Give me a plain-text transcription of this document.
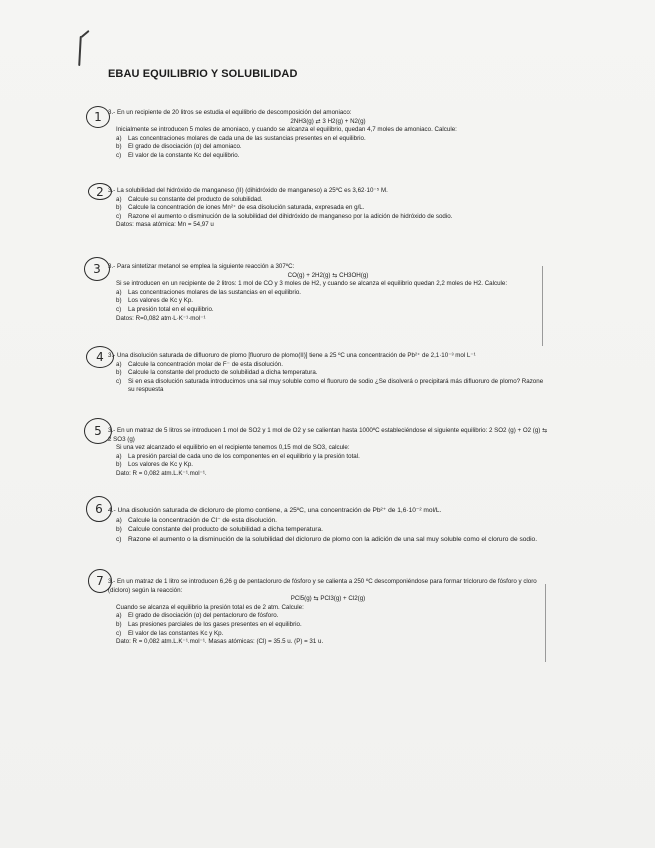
EBAU EQUILIBRIO Y SOLUBILIDAD
1 3.- En un recipiente de 20 litros se estudia el equilibrio de descomposición del amoniaco:
2NH3(g) ⇄ 3 H2(g) + N2(g)
Inicialmente se introducen 5 moles de amoniaco, y cuando se alcanza el equilibrio, quedan 4,7 moles de amoniaco. Calcule:
a)	Las concentraciones molares de cada una de las sustancias presentes en el equilibrio.
b)	El grado de disociación (α) del amoniaco.
c)	El valor de la constante Kc del equilibrio.
2 3.- La solubilidad del hidróxido de manganeso (II) (dihidróxido de manganeso) a 25ºC es 3,62·10⁻⁵ M.
a)	Calcule su constante del producto de solubilidad.
b)	Calcule la concentración de iones Mn²⁺ de esa disolución saturada, expresada en g/L.
c)	Razone el aumento o disminución de la solubilidad del dihidróxido de manganeso por la adición de hidróxido de sodio.
Datos: masa atómica: Mn = 54,97 u
3	3.- Para sintetizar metanol se emplea la siguiente reacción a 307ºC:
CO(g) + 2H2(g) ⇆ CH3OH(g)
Si se introducen en un recipiente de 2 litros: 1 mol de CO y 3 moles de H2, y cuando se alcanza el equilibrio quedan 2,2 moles de H2. Calcule:
a)	Las concentraciones molares de las sustancias en el equilibrio.
b)	Los valores de Kc y Kp.
c)	La presión total en el equilibrio.
Datos: R=0,082 atm·L·K⁻¹·mol⁻¹
4 3.- Una disolución saturada de difluoruro de plomo [fluoruro de plomo(II)] tiene a 25 ºC una concentración de Pb²⁺ de 2,1·10⁻³ mol L⁻¹
a)	Calcule la concentración molar de F⁻ de esta disolución.
b)	Calcule la constante del producto de solubilidad a dicha temperatura.
c)	Si en esa disolución saturada introducimos una sal muy soluble como el fluoruro de sodio ¿Se disolverá o precipitará más difluoruro de plomo? Razone su respuesta
5 3.- En un matraz de 5 litros se introducen 1 mol de SO2 y 1 mol de O2 y se calientan hasta 1000ºC estableciéndose el siguiente equilibrio: 2 SO2 (g) + O2 (g) ⇆ 2 SO3 (g)
Si una vez alcanzado el equilibrio en el recipiente tenemos 0,15 mol de SO3, calcule:
a)	La presión parcial de cada uno de los componentes en el equilibrio y la presión total.
b)	Los valores de Kc y Kp.
Dato: R = 0,082 atm.L.K⁻¹.mol⁻¹.
6 4.- Una disolución saturada de dicloruro de plomo contiene, a 25ºC, una concentración de Pb²⁺ de 1,6·10⁻² mol/L.
a) Calcule la concentración de Cl⁻ de esta disolución.
b) Calcule constante del producto de solubilidad a dicha temperatura.
c) Razone el aumento o la disminución de la solubilidad del dicloruro de plomo con la adición de una sal muy soluble como el cloruro de sodio.
7 3.- En un matraz de 1 litro se introducen 6,26 g de pentacloruro de fósforo y se calienta a 250 ºC descomponiéndose para formar tricloruro de fósforo y cloro (dicloro) según la reacción:
PCl5(g) ⇆ PCl3(g) + Cl2(g)
Cuando se alcanza el equilibrio la presión total es de 2 atm. Calcule:
a)	El grado de disociación (α) del pentacloruro de fósforo.
b)	Las presiones parciales de los gases presentes en el equilibrio.
c)	El valor de las constantes Kc y Kp.
Dato: R = 0,082 atm.L.K⁻¹.mol⁻¹. Masas atómicas: (Cl) = 35.5 u. (P) = 31 u.
